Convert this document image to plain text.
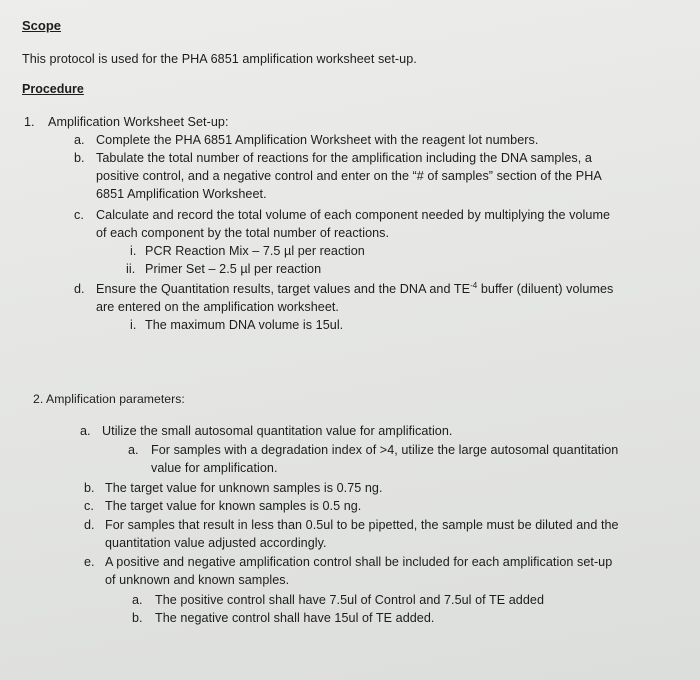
Scope
This protocol is used for the PHA 6851 amplification worksheet set-up.
Procedure
1. Amplification Worksheet Set-up:
a. Complete the PHA 6851 Amplification Worksheet with the reagent lot numbers.
b. Tabulate the total number of reactions for the amplification including the DNA samples, a
positive control, and a negative control and enter on the “# of samples” section of the PHA
6851 Amplification Worksheet.
c. Calculate and record the total volume of each component needed by multiplying the volume
of each component by the total number of reactions.
i. PCR Reaction Mix – 7.5 µl per reaction
ii. Primer Set – 2.5 µl per reaction
d. Ensure the Quantitation results, target values and the DNA and $TE^{-4}$ buffer (diluent) volumes
are entered on the amplification worksheet.
i. The maximum DNA volume is 15ul.
2. Amplification parameters:
a. Utilize the small autosomal quantitation value for amplification.
a. For samples with a degradation index of >4, utilize the large autosomal quantitation
value for amplification.
b. The target value for unknown samples is 0.75 ng.
c. The target value for known samples is 0.5 ng.
d. For samples that result in less than 0.5ul to be pipetted, the sample must be diluted and the
quantitation value adjusted accordingly.
e. A positive and negative amplification control shall be included for each amplification set-up
of unknown and known samples.
a. The positive control shall have 7.5ul of Control and 7.5ul of TE added
b. The negative control shall have 15ul of TE added.
